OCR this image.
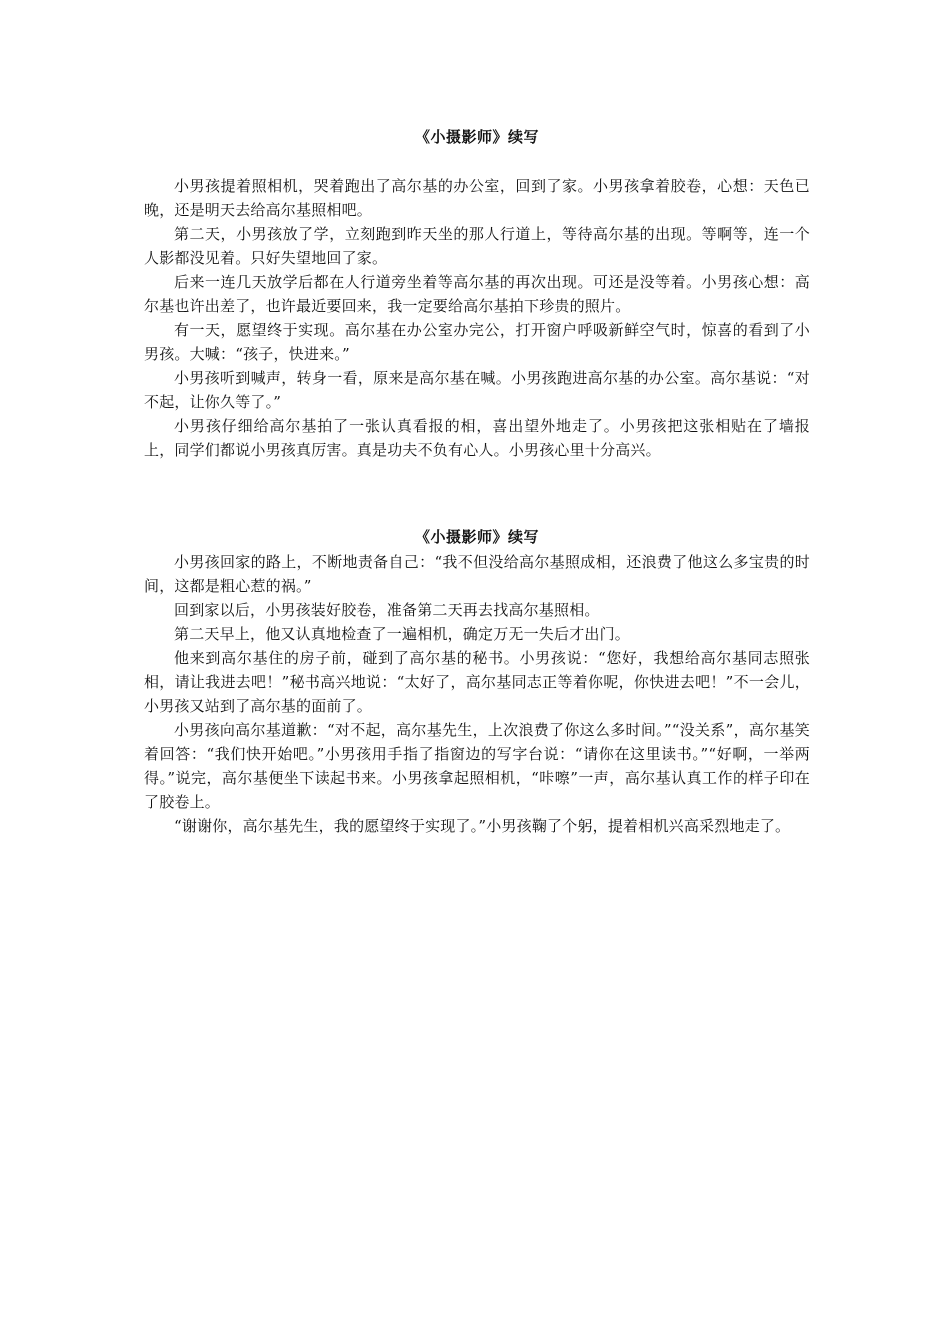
《小摄影师》续写

小男孩提着照相机，哭着跑出了高尔基的办公室，回到了家。小男孩拿着胶卷，心想：天色已晚，还是明天去给高尔基照相吧。

第二天，小男孩放了学，立刻跑到昨天坐的那人行道上，等待高尔基的出现。等啊等，连一个人影都没见着。只好失望地回了家。

后来一连几天放学后都在人行道旁坐着等高尔基的再次出现。可还是没等着。小男孩心想：高尔基也许出差了，也许最近要回来，我一定要给高尔基拍下珍贵的照片。

有一天，愿望终于实现。高尔基在办公室办完公，打开窗户呼吸新鲜空气时，惊喜的看到了小男孩。大喊：“孩子，快进来。”

小男孩听到喊声，转身一看，原来是高尔基在喊。小男孩跑进高尔基的办公室。高尔基说：“对不起，让你久等了。”

小男孩仔细给高尔基拍了一张认真看报的相，喜出望外地走了。小男孩把这张相贴在了墙报上，同学们都说小男孩真厉害。真是功夫不负有心人。小男孩心里十分高兴。

《小摄影师》续写

小男孩回家的路上，不断地责备自己：“我不但没给高尔基照成相，还浪费了他这么多宝贵的时间，这都是粗心惹的祸。”

回到家以后，小男孩装好胶卷，准备第二天再去找高尔基照相。

第二天早上，他又认真地检查了一遍相机，确定万无一失后才出门。

他来到高尔基住的房子前，碰到了高尔基的秘书。小男孩说：“您好，我想给高尔基同志照张相，请让我进去吧！”秘书高兴地说：“太好了，高尔基同志正等着你呢，你快进去吧！”不一会儿，小男孩又站到了高尔基的面前了。

小男孩向高尔基道歉：“对不起，高尔基先生，上次浪费了你这么多时间。”“没关系”，高尔基笑着回答：“我们快开始吧。”小男孩用手指了指窗边的写字台说：“请你在这里读书。”“好啊，一举两得。”说完，高尔基便坐下读起书来。小男孩拿起照相机，“咔嚓”一声，高尔基认真工作的样子印在了胶卷上。

“谢谢你，高尔基先生，我的愿望终于实现了。”小男孩鞠了个躬，提着相机兴高采烈地走了。
